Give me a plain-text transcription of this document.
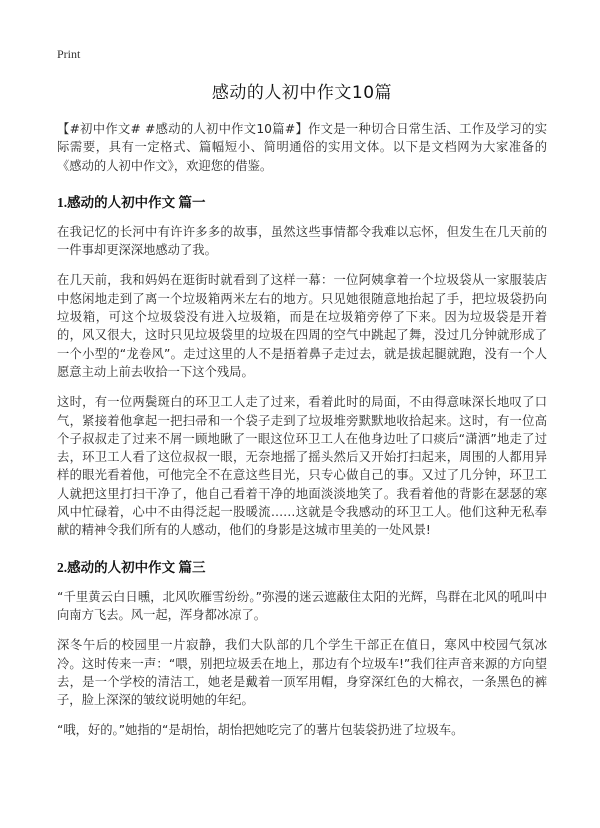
Print
感动的人初中作文10篇

【#初中作文# #感动的人初中作文10篇#】作文是一种切合日常生活、工作及学习的实际需要，具有一定格式、篇幅短小、简明通俗的实用文体。以下是文档网为大家准备的《感动的人初中作文》，欢迎您的借鉴。

1.感动的人初中作文 篇一

在我记忆的长河中有许许多多的故事，虽然这些事情都令我难以忘怀，但发生在几天前的一件事却更深深地感动了我。

在几天前，我和妈妈在逛街时就看到了这样一幕：一位阿姨拿着一个垃圾袋从一家服装店中悠闲地走到了离一个垃圾箱两米左右的地方。只见她很随意地抬起了手，把垃圾袋扔向垃圾箱，可这个垃圾袋没有进入垃圾箱，而是在垃圾箱旁停了下来。因为垃圾袋是开着的，风又很大，这时只见垃圾袋里的垃圾在四周的空气中跳起了舞，没过几分钟就形成了一个小型的“龙卷风”。走过这里的人不是捂着鼻子走过去，就是拔起腿就跑，没有一个人愿意主动上前去收拾一下这个残局。

这时，有一位两鬓斑白的环卫工人走了过来，看着此时的局面，不由得意味深长地叹了口气，紧接着他拿起一把扫帚和一个袋子走到了垃圾堆旁默默地收拾起来。这时，有一位高个子叔叔走了过来不屑一顾地瞅了一眼这位环卫工人在他身边吐了口痰后“潇洒”地走了过去，环卫工人看了这位叔叔一眼，无奈地摇了摇头然后又开始打扫起来，周围的人都用异样的眼光看着他，可他完全不在意这些目光，只专心做自己的事。又过了几分钟，环卫工人就把这里打扫干净了，他自己看着干净的地面淡淡地笑了。我看着他的背影在瑟瑟的寒风中忙碌着，心中不由得泛起一股暖流……这就是令我感动的环卫工人。他们这种无私奉献的精神令我们所有的人感动，他们的身影是这城市里美的一处风景!

2.感动的人初中作文 篇三

“千里黄云白日曛，北风吹雁雪纷纷。”弥漫的迷云遮蔽住太阳的光辉，鸟群在北风的吼叫中向南方飞去。风一起，浑身都冰凉了。

深冬午后的校园里一片寂静，我们大队部的几个学生干部正在值日，寒风中校园气氛冰冷。这时传来一声：“喂，别把垃圾丢在地上，那边有个垃圾车!”我们往声音来源的方向望去，是一个学校的清洁工，她老是戴着一顶军用帽，身穿深红色的大棉衣，一条黑色的裤子，脸上深深的皱纹说明她的年纪。

“哦，好的。”她指的“是胡怡，胡怡把她吃完了的薯片包装袋扔进了垃圾车。
